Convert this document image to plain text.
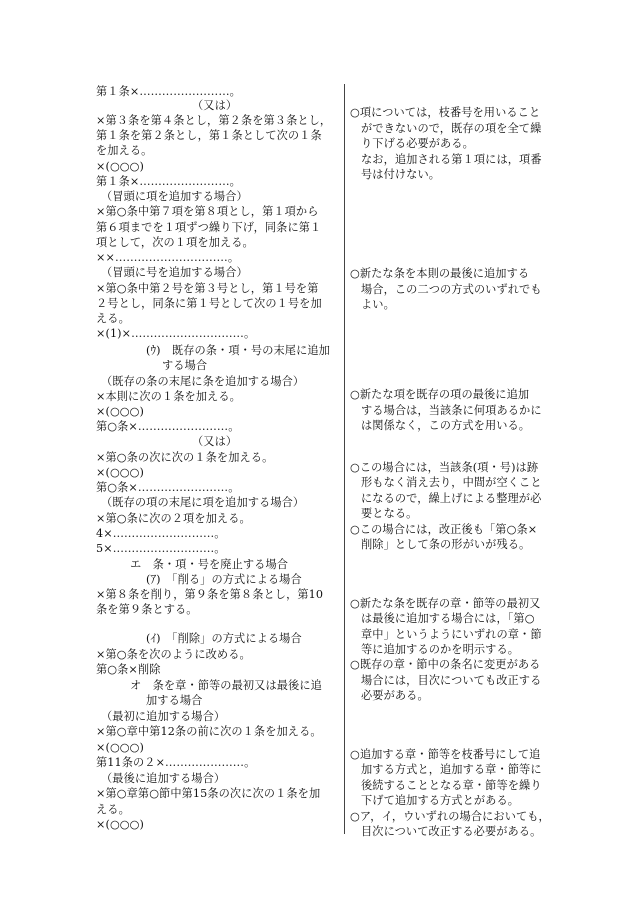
第１条×……………………。
（又は）
×第３条を第４条とし，第２条を第３条とし，
第１条を第２条とし，第１条として次の１条
を加える。
×(○○○)
第１条×……………………。
（冒頭に項を追加する場合）
×第○条中第７項を第８項とし，第１項から
第６項までを１項ずつ繰り下げ，同条に第１
項として，次の１項を加える。
××…………………………。
（冒頭に号を追加する場合）
×第○条中第２号を第３号とし，第１号を第
２号とし，同条に第１号として次の１号を加
える。
×(1)×…………………………。
(ｳ)　既存の条・項・号の末尾に追加
する場合
（既存の条の末尾に条を追加する場合）
×本則に次の１条を加える。
×(○○○)
第○条×……………………。
（又は）
×第○条の次に次の１条を加える。
×(○○○)
第○条×……………………。
（既存の項の末尾に項を追加する場合）
×第○条に次の２項を加える。
4×………………………。
5×………………………。
エ　条・項・号を廃止する場合
(ｱ)　「削る」の方式による場合
×第８条を削り，第９条を第８条とし，第10
条を第９条とする。
(ｲ)　「削除」の方式による場合
×第○条を次のように改める。
第○条×削除
オ　条を章・節等の最初又は最後に追
加する場合
（最初に追加する場合）
×第○章中第12条の前に次の１条を加える。
×(○○○)
第11条の２×…………………。
（最後に追加する場合）
×第○章第○節中第15条の次に次の１条を加
える。
×(○○○)
○項については，枝番号を用いること
ができないので，既存の項を全て繰
り下げる必要がある。
なお，追加される第１項には，項番
号は付けない。
○新たな条を本則の最後に追加する
場合，この二つの方式のいずれでも
よい。
○新たな項を既存の項の最後に追加
する場合は，当該条に何項あるかに
は関係なく，この方式を用いる。
○この場合には，当該条(項・号)は跡
形もなく消え去り，中間が空くこと
になるので，繰上げによる整理が必
要となる。
○この場合には，改正後も「第○条×
削除」として条の形がいが残る。
○新たな条を既存の章・節等の最初又
は最後に追加する場合には，「第○
章中」というようにいずれの章・節
等に追加するのかを明示する。
○既存の章・節中の条名に変更がある
場合には，目次についても改正する
必要がある。
○追加する章・節等を枝番号にして追
加する方式と，追加する章・節等に
後続することとなる章・節等を繰り
下げて追加する方式とがある。
○ア，イ，ウいずれの場合においても，
目次について改正する必要がある。
